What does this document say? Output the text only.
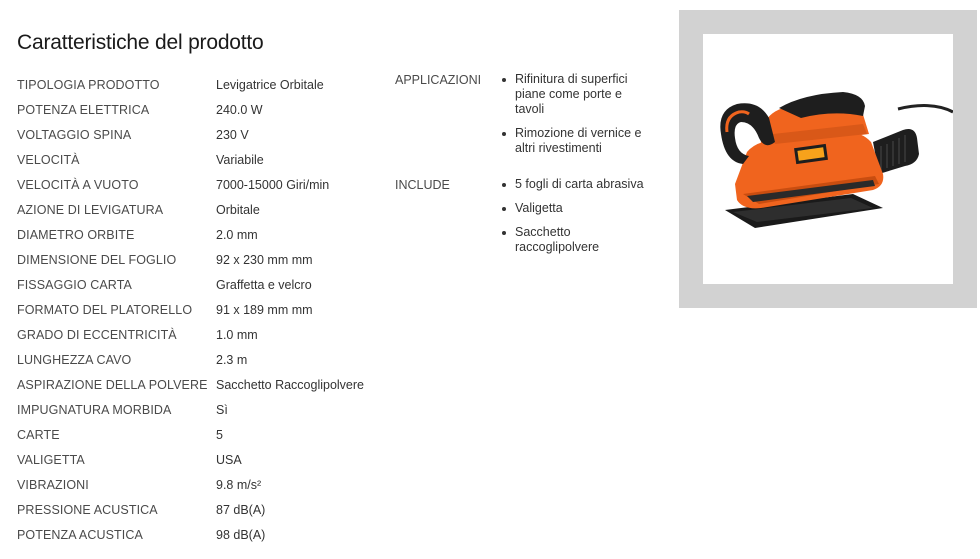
Caratteristiche del prodotto
TIPOLOGIA PRODOTTO	Levigatrice Orbitale
POTENZA ELETTRICA	240.0 W
VOLTAGGIO SPINA	230 V
VELOCITÀ	Variabile
VELOCITÀ A VUOTO	7000-15000 Giri/min
AZIONE DI LEVIGATURA	Orbitale
DIAMETRO ORBITE	2.0 mm
DIMENSIONE DEL FOGLIO	92 x 230 mm mm
FISSAGGIO CARTA	Graffetta e velcro
FORMATO DEL PLATORELLO	91 x 189 mm mm
GRADO DI ECCENTRICITÀ	1.0 mm
LUNGHEZZA CAVO	2.3 m
ASPIRAZIONE DELLA POLVERE Sacchetto Raccoglipolvere
IMPUGNATURA MORBIDA	Sì
CARTE	5
VALIGETTA	USA
VIBRAZIONI	9.8 m/s²
PRESSIONE ACUSTICA	87 dB(A)
POTENZA ACUSTICA	98 dB(A)
APPLICAZIONI	Rifinitura di superfici piane come porte e tavoli
Rimozione di vernice e altri rivestimenti
INCLUDE	5 fogli di carta abrasiva
Valigetta
Sacchetto raccoglipolvere
